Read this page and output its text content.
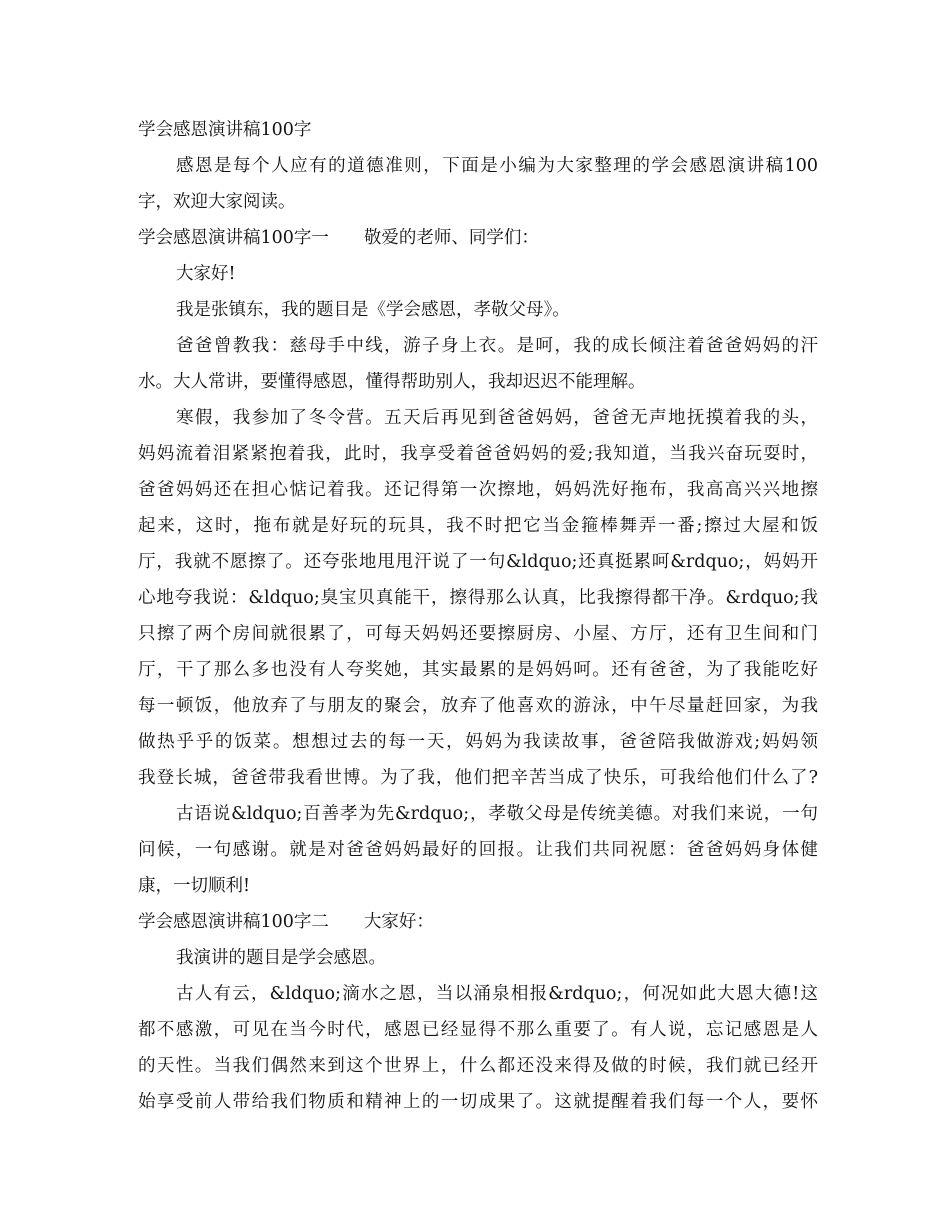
学会感恩演讲稿100字
感恩是每个人应有的道德准则，下面是小编为大家整理的学会感恩演讲稿100
字，欢迎大家阅读。
学会感恩演讲稿100字一　　敬爱的老师、同学们：
大家好!
我是张镇东，我的题目是《学会感恩，孝敬父母》。
爸爸曾教我：慈母手中线，游子身上衣。是呵，我的成长倾注着爸爸妈妈的汗
水。大人常讲，要懂得感恩，懂得帮助别人，我却迟迟不能理解。
寒假，我参加了冬令营。五天后再见到爸爸妈妈，爸爸无声地抚摸着我的头，
妈妈流着泪紧紧抱着我，此时，我享受着爸爸妈妈的爱;我知道，当我兴奋玩耍时，
爸爸妈妈还在担心惦记着我。还记得第一次擦地，妈妈洗好拖布，我高高兴兴地擦
起来，这时，拖布就是好玩的玩具，我不时把它当金箍棒舞弄一番;擦过大屋和饭
厅，我就不愿擦了。还夸张地甩甩汗说了一句&ldquo;还真挺累呵&rdquo;，妈妈开
心地夸我说：&ldquo;臭宝贝真能干，擦得那么认真，比我擦得都干净。&rdquo;我
只擦了两个房间就很累了，可每天妈妈还要擦厨房、小屋、方厅，还有卫生间和门
厅，干了那么多也没有人夸奖她，其实最累的是妈妈呵。还有爸爸，为了我能吃好
每一顿饭，他放弃了与朋友的聚会，放弃了他喜欢的游泳，中午尽量赶回家，为我
做热乎乎的饭菜。想想过去的每一天，妈妈为我读故事，爸爸陪我做游戏;妈妈领
我登长城，爸爸带我看世博。为了我，他们把辛苦当成了快乐，可我给他们什么了?
古语说&ldquo;百善孝为先&rdquo;，孝敬父母是传统美德。对我们来说，一句
问候，一句感谢。就是对爸爸妈妈最好的回报。让我们共同祝愿：爸爸妈妈身体健
康，一切顺利!
学会感恩演讲稿100字二　　大家好：
我演讲的题目是学会感恩。
古人有云，&ldquo;滴水之恩，当以涌泉相报&rdquo;，何况如此大恩大德!这
都不感激，可见在当今时代，感恩已经显得不那么重要了。有人说，忘记感恩是人
的天性。当我们偶然来到这个世界上，什么都还没来得及做的时候，我们就已经开
始享受前人带给我们物质和精神上的一切成果了。这就提醒着我们每一个人，要怀
